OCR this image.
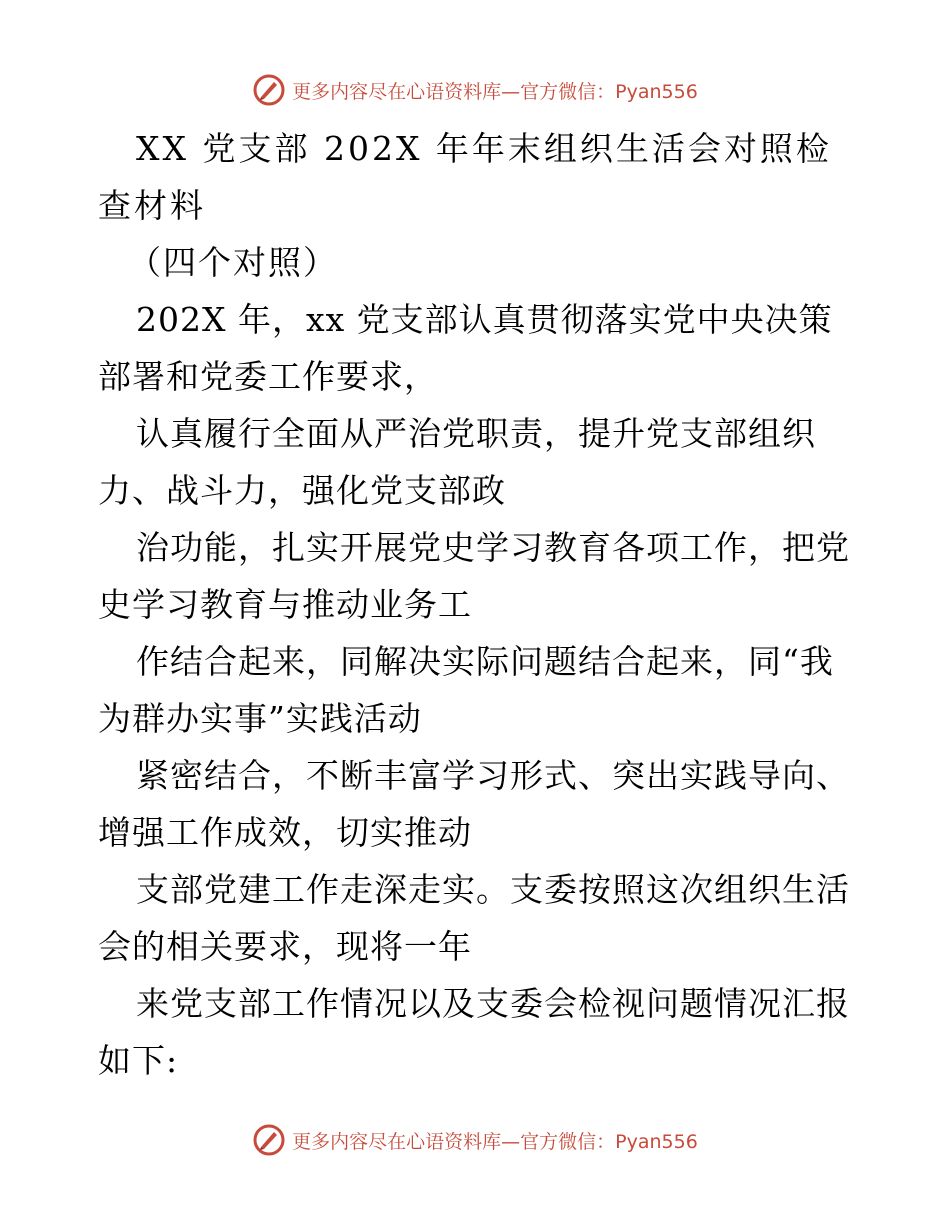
更多内容尽在心语资料库—官方微信：Pyan556

XX 党支部 202X 年年末组织生活会对照检查材料

（四个对照）

202X 年，xx 党支部认真贯彻落实党中央决策部署和党委工作要求，

认真履行全面从严治党职责，提升党支部组织力、战斗力，强化党支部政

治功能，扎实开展党史学习教育各项工作，把党史学习教育与推动业务工

作结合起来，同解决实际问题结合起来，同“我为群办实事”实践活动

紧密结合，不断丰富学习形式、突出实践导向、增强工作成效，切实推动

支部党建工作走深走实。支委按照这次组织生活会的相关要求，现将一年

来党支部工作情况以及支委会检视问题情况汇报如下:

更多内容尽在心语资料库—官方微信：Pyan556
